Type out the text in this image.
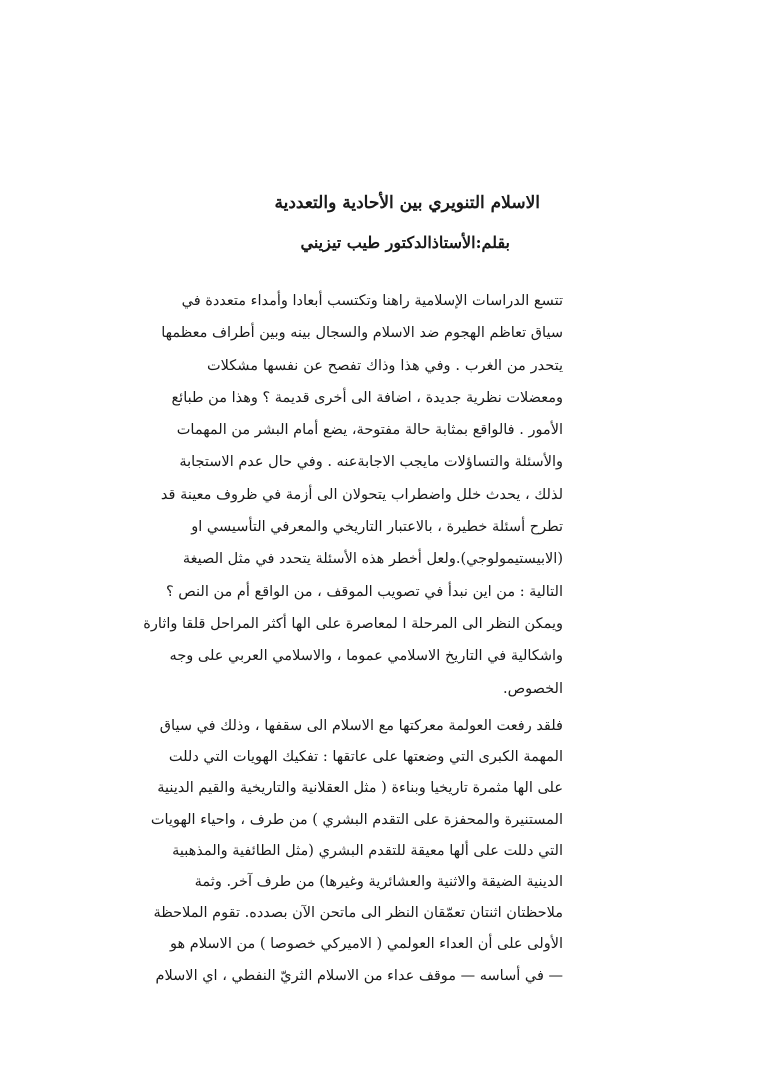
الاسلام التنويري بين الأحادية والتعددية
بقلم:الأستاذالدكتور طيب تيزيني

تتسع الدراسات الإسلامية راهنا وتكتسب أبعادا وأمداء متعددة في
سياق تعاظم الهجوم ضد الاسلام والسجال بينه وبين أطراف معظمها
يتحدر من الغرب . وفي هذا وذاك تفصح عن نفسها مشكلات
ومعضلات نظرية جديدة ، اضافة الى أخرى قديمة ؟ وهذا من طبائع
الأمور . فالواقع بمثابة حالة مفتوحة، يضع أمام البشر من المهمات
والأسئلة والتساؤلات مايجب الاجابةعنه . وفي حال عدم الاستجابة
لذلك ، يحدث خلل واضطراب يتحولان الى أزمة في ظروف معينة قد
تطرح أسئلة خطيرة ، بالاعتبار التاريخي والمعرفي التأسيسي او
(الابيستيمولوجي).ولعل أخطر هذه الأسئلة يتحدد في مثل الصيغة
التالية : من اين نبدأ في تصويب الموقف ، من الواقع أم من النص ؟
ويمكن النظر الى المرحلة ا لمعاصرة على الها أكثر المراحل قلقا واثارة
واشكالية في التاريخ الاسلامي عموما ، والاسلامي العربي على وجه
الخصوص.

فلقد رفعت العولمة معركتها مع الاسلام الى سقفها ، وذلك في سياق
المهمة الكبرى التي وضعتها على عاتقها : تفكيك الهويات التي دللت
على الها مثمرة تاريخيا وبناءة ( مثل العقلانية والتاريخية والقيم الدينية
المستنيرة والمحفزة على التقدم البشري ) من طرف ، واحياء الهويات
التي دللت على ألها معيقة للتقدم البشري (مثل الطائفية والمذهبية
الدينية الضيقة والاثنية والعشائرية وغيرها) من طرف آخر. وثمة
ملاحظتان اثنتان تعمّقان النظر الى ماتحن الآن بصدده. تقوم الملاحظة
الأولى على أن العداء العولمي ( الاميركي خصوصا ) من الاسلام هو
— في أساسه — موقف عداء من الاسلام الثريّ النفطي ، اي الاسلام
